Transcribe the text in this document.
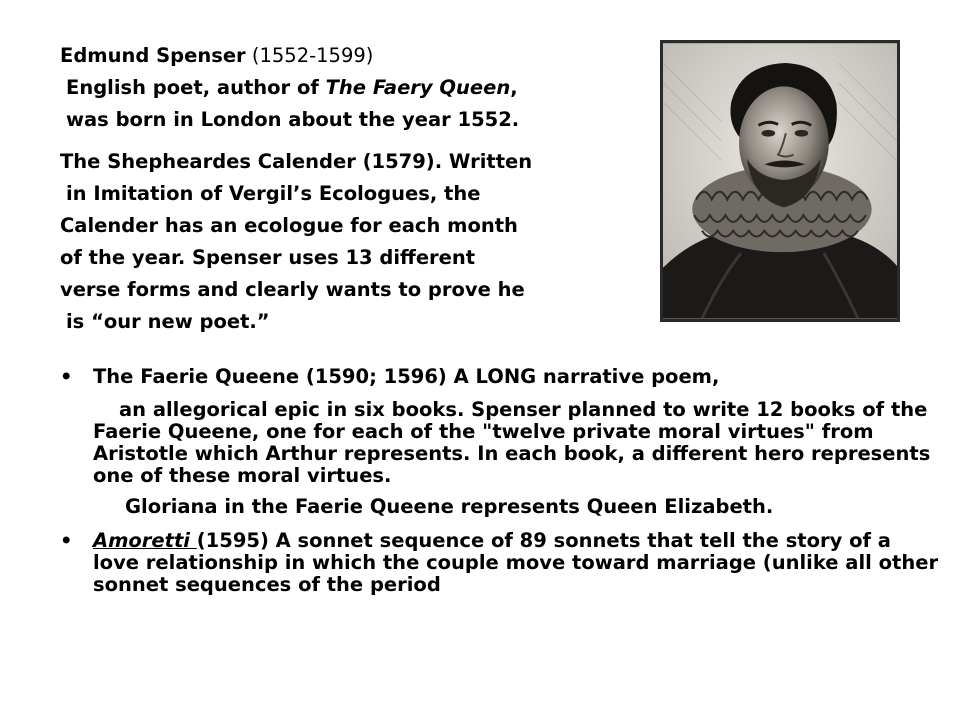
Edmund Spenser (1552-1599)
English poet, author of The Faery Queen,
was born in London about the year 1552.
The Shepheardes Calender (1579). Written
in Imitation of Vergil’s Ecologues, the
Calender has an ecologue for each month
of the year. Spenser uses 13 different
verse forms and clearly wants to prove he
is “our new poet.”
• The Faerie Queene (1590; 1596) A LONG narrative poem,
an allegorical epic in six books. Spenser planned to write 12 books of the Faerie Queene, one for each of the "twelve private moral virtues" from Aristotle which Arthur represents. In each book, a different hero represents one of these moral virtues.
Gloriana in the Faerie Queene represents Queen Elizabeth.
• Amoretti (1595) A sonnet sequence of 89 sonnets that tell the story of a love relationship in which the couple move toward marriage (unlike all other sonnet sequences of the period
